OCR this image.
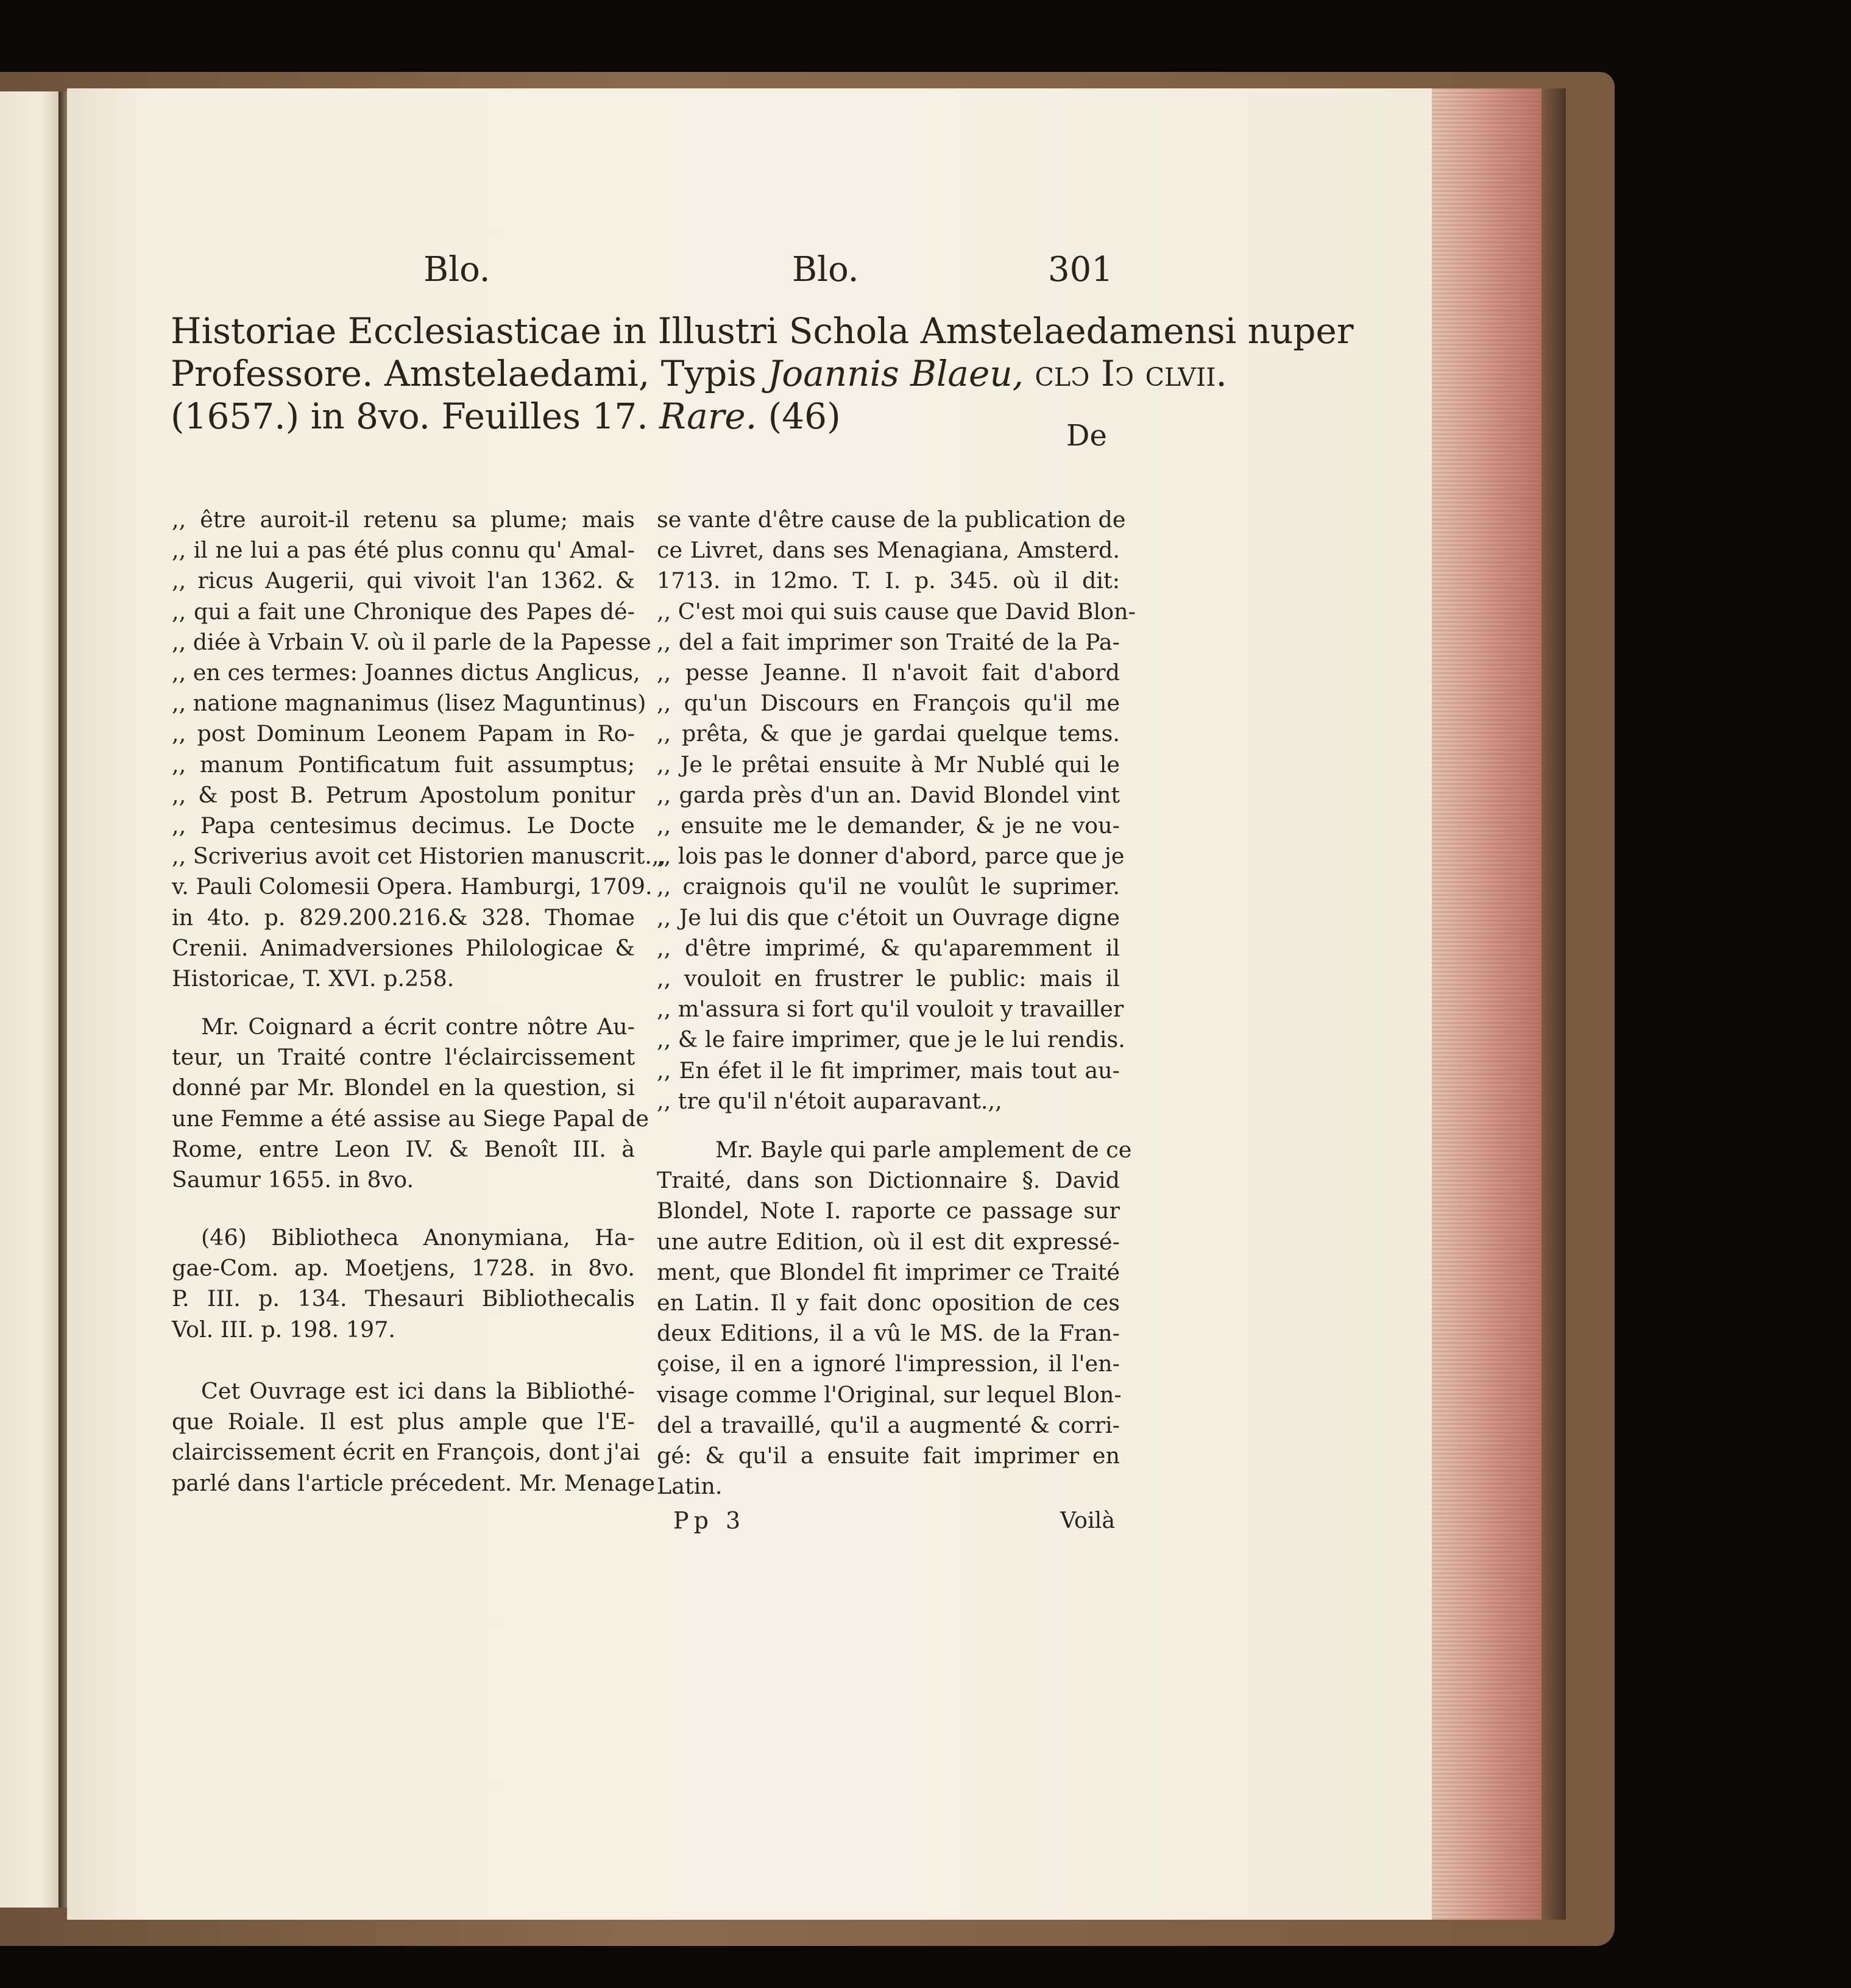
Blo.	Blo.	301
Historiae Ecclesiasticae in Illustri Schola Amstelaedamensi nuper
Professore. Amstelaedami, Typis Joannis Blaeu, clↄ Iↄ clvii.
(1657.) in 8vo. Feuilles 17. Rare. (46)	De
,, être auroit-il retenu sa plume; mais
,, il ne lui a pas été plus connu qu' Amal-
,, ricus Augerii, qui vivoit l'an 1362. &
,, qui a fait une Chronique des Papes dé-
,, diée à Vrbain V. où il parle de la Papesse
,, en ces termes: Joannes dictus Anglicus,
,, natione magnanimus (lisez Maguntinus)
,, post Dominum Leonem Papam in Ro-
,, manum Pontificatum fuit assumptus;
,, & post B. Petrum Apostolum ponitur
,, Papa centesimus decimus. Le Docte
,, Scriverius avoit cet Historien manuscrit.,,
v. Pauli Colomesii Opera. Hamburgi, 1709.
in 4to. p. 829.200.216.& 328. Thomae
Crenii. Animadversiones Philologicae &
Historicae, T. XVI. p.258.
Mr. Coignard a écrit contre nôtre Au-
teur, un Traité contre l'éclaircissement
donné par Mr. Blondel en la question, si
une Femme a été assise au Siege Papal de
Rome, entre Leon IV. & Benoît III. à
Saumur 1655. in 8vo.
(46) Bibliotheca Anonymiana, Ha-
gae-Com. ap. Moetjens, 1728. in 8vo.
P. III. p. 134. Thesauri Bibliothecalis
Vol. III. p. 198. 197.
Cet Ouvrage est ici dans la Bibliothé-
que Roiale. Il est plus ample que l'E-
claircissement écrit en François, dont j'ai
parlé dans l'article précedent. Mr. Menage
se vante d'être cause de la publication de
ce Livret, dans ses Menagiana, Amsterd.
1713. in 12mo. T. I. p. 345. où il dit:
,, C'est moi qui suis cause que David Blon-
,, del a fait imprimer son Traité de la Pa-
,, pesse Jeanne. Il n'avoit fait d'abord
,, qu'un Discours en François qu'il me
,, prêta, & que je gardai quelque tems.
,, Je le prêtai ensuite à Mr Nublé qui le
,, garda près d'un an. David Blondel vint
,, ensuite me le demander, & je ne vou-
,, lois pas le donner d'abord, parce que je
,, craignois qu'il ne voulût le suprimer.
,, Je lui dis que c'étoit un Ouvrage digne
,, d'être imprimé, & qu'aparemment il
,, vouloit en frustrer le public: mais il
,, m'assura si fort qu'il vouloit y travailler
,, & le faire imprimer, que je le lui rendis.
,, En éfet il le fit imprimer, mais tout au-
,, tre qu'il n'étoit auparavant.,,
Mr. Bayle qui parle amplement de ce
Traité, dans son Dictionnaire §. David
Blondel, Note I. raporte ce passage sur
une autre Edition, où il est dit expressé-
ment, que Blondel fit imprimer ce Traité
en Latin. Il y fait donc oposition de ces
deux Editions, il a vû le MS. de la Fran-
çoise, il en a ignoré l'impression, il l'en-
visage comme l'Original, sur lequel Blon-
del a travaillé, qu'il a augmenté & corri-
gé: & qu'il a ensuite fait imprimer en
Latin.
Pp 3	Voilà
